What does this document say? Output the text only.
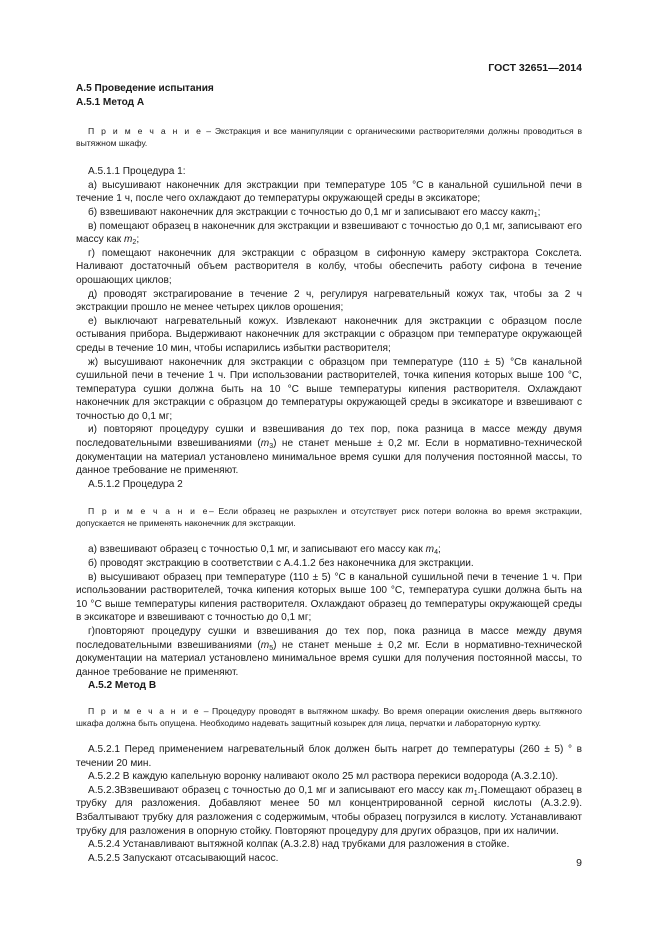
ГОСТ 32651—2014

А.5 Проведение испытания

А.5.1 Метод А

П р и м е ч а н и е – Экстракция и все манипуляции с органическими растворителями должны проводиться в вытяжном шкафу.

А.5.1.1 Процедура 1:

а) высушивают наконечник для экстракции при температуре 105 °С в канальной сушильной печи в течение 1 ч, после чего охлаждают до температуры окружающей среды в эксикаторе;

б) взвешивают наконечник для экстракции с точностью до 0,1 мг и записывают его массу какm$_1$;

в) помещают образец в наконечник для экстракции и взвешивают с точностью до 0,1 мг, записывают его массу как $m_2$;

г) помещают наконечник для экстракции с образцом в сифонную камеру экстрактора Сокслета. Наливают достаточный объем растворителя в колбу, чтобы обеспечить работу сифона в течение орошающих циклов;

д) проводят экстрагирование в течение 2 ч, регулируя нагревательный кожух так, чтобы за 2 ч экстракции прошло не менее четырех циклов орошения;

е) выключают нагревательный кожух. Извлекают наконечник для экстракции с образцом после остывания прибора. Выдерживают наконечник для экстракции с образцом при температуре окружающей среды в течение 10 мин, чтобы испарились избытки растворителя;

ж) высушивают наконечник для экстракции с образцом при температуре (110 ± 5) °Св канальной сушильной печи в течение 1 ч. При использовании растворителей, точка кипения которых выше 100 °С, температура сушки должна быть на 10 °С выше температуры кипения растворителя. Охлаждают наконечник для экстракции с образцом до температуры окружающей среды в эксикаторе и взвешивают с точностью до 0,1 мг;

и) повторяют процедуру сушки и взвешивания до тех пор, пока разница в массе между двумя последовательными взвешиваниями $(m_3)$ не станет меньше ± 0,2 мг. Если в нормативно-технической документации на материал установлено минимальное время сушки для получения постоянной массы, то данное требование не применяют.

А.5.1.2 Процедура 2

П р и м е ч а н и е– Если образец не разрыхлен и отсутствует риск потери волокна во время экстракции, допускается не применять наконечник для экстракции.

а) взвешивают образец с точностью 0,1 мг, и записывают его массу как $m_4$;

б) проводят экстракцию в соответствии с А.4.1.2 без наконечника для экстракции.

в) высушивают образец при температуре (110 ± 5) °С в канальной сушильной печи в течение 1 ч. При использовании растворителей, точка кипения которых выше 100 °С, температура сушки должна быть на 10 °С выше температуры кипения растворителя. Охлаждают образец до температуры окружающей среды в эксикаторе и взвешивают с точностью до 0,1 мг;

г)повторяют процедуру сушки и взвешивания до тех пор, пока разница в массе между двумя последовательными взвешиваниями $(m_5)$ не станет меньше ± 0,2 мг. Если в нормативно-технической документации на материал установлено минимальное время сушки для получения постоянной массы, то данное требование не применяют.

А.5.2 Метод В

П р и м е ч а н и е – Процедуру проводят в вытяжном шкафу. Во время операции окисления дверь вытяжного шкафа должна быть опущена. Необходимо надевать защитный козырек для лица, перчатки и лабораторную куртку.

А.5.2.1 Перед применением нагревательный блок должен быть нагрет до температуры (260 ± 5) ° в течении 20 мин.

А.5.2.2 В каждую капельную воронку наливают около 25 мл раствора перекиси водорода (А.3.2.10).

А.5.2.3Взвешивают образец с точностью до 0,1 мг и записывают его массу как $m_1.Помещают$ образец в трубку для разложения. Добавляют менее 50 мл концентрированной серной кислоты (А.3.2.9). Взбалтывают трубку для разложения с содержимым, чтобы образец погрузился в кислоту. Устанавливают трубку для разложения в опорную стойку. Повторяют процедуру для других образцов, при их наличии.

А.5.2.4 Устанавливают вытяжной колпак (А.3.2.8) над трубками для разложения в стойке.

А.5.2.5 Запускают отсасывающий насос.	9
